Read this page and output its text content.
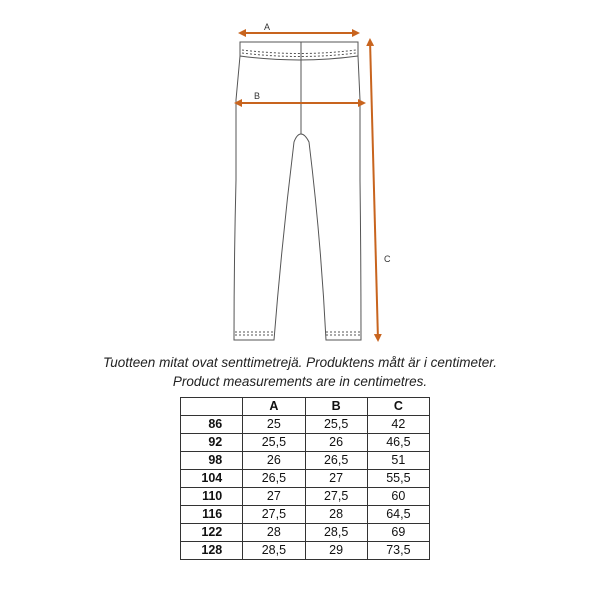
A
B
C
Tuotteen mitat ovat senttimetrejä. Produktens mått är i centimeter.
Product measurements are in centimetres.
	A	B	C
86	25	25,5	42
92	25,5	26	46,5
98	26	26,5	51
104	26,5	27	55,5
110	27	27,5	60
116	27,5	28	64,5
122	28	28,5	69
128	28,5	29	73,5
